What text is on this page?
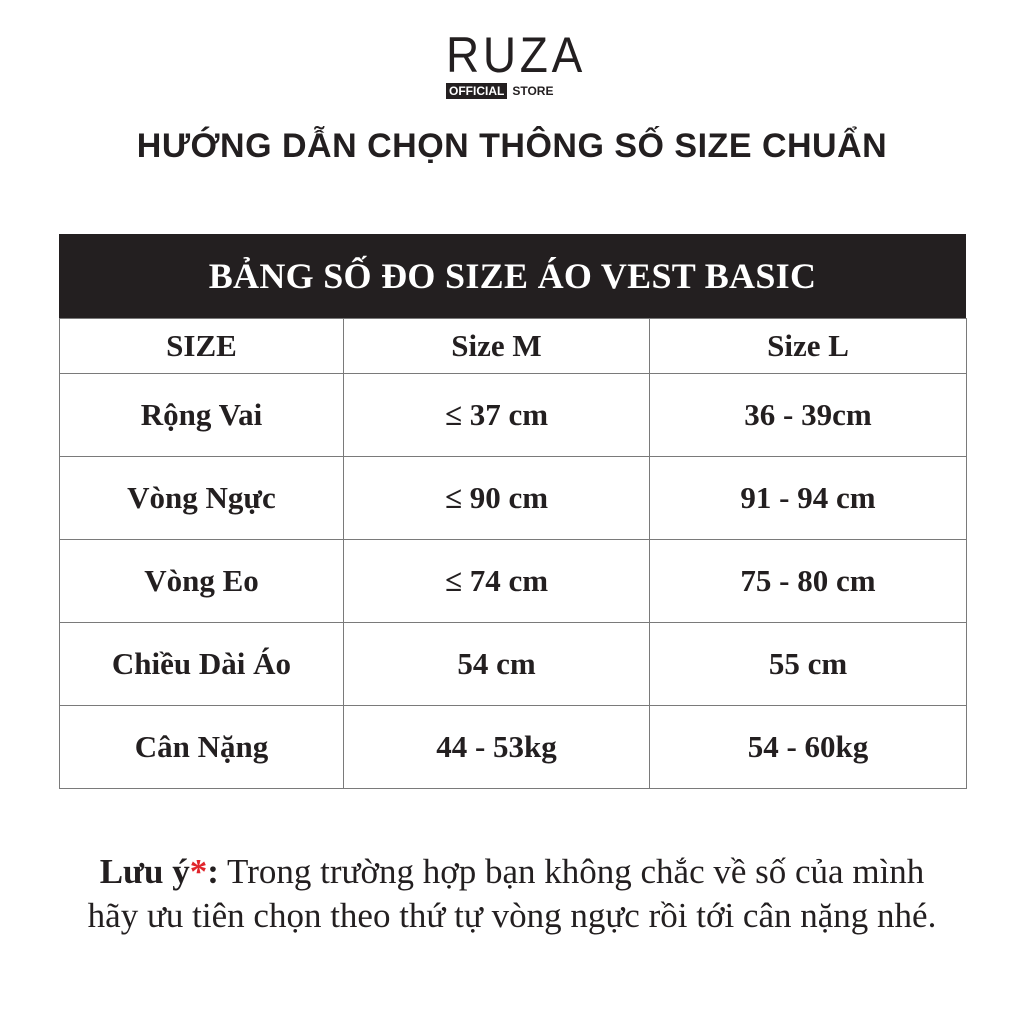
RUZA
OFFICIAL STORE
HƯỚNG DẪN CHỌN THÔNG SỐ SIZE CHUẨN
BẢNG SỐ ĐO SIZE ÁO VEST BASIC
SIZE	Size M	Size L
Rộng Vai	≤ 37 cm	36 - 39cm
Vòng Ngực	≤ 90 cm	91 - 94 cm
Vòng Eo	≤ 74 cm	75 - 80 cm
Chiều Dài Áo	54 cm	55 cm
Cân Nặng	44 - 53kg	54 - 60kg
Lưu ý*: Trong trường hợp bạn không chắc về số của mình
hãy ưu tiên chọn theo thứ tự vòng ngực rồi tới cân nặng nhé.
